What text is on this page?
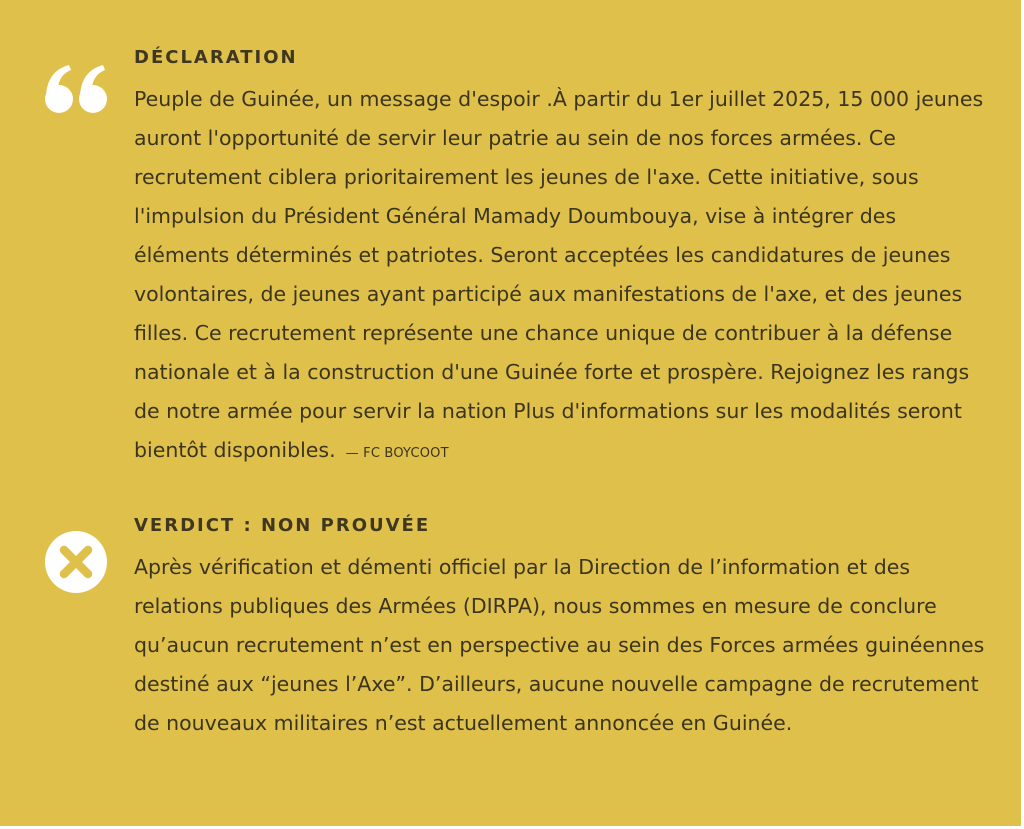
DÉCLARATION

Peuple de Guinée, un message d'espoir .À partir du 1er juillet 2025, 15 000 jeunes auront l'opportunité de servir leur patrie au sein de nos forces armées. Ce recrutement ciblera prioritairement les jeunes de l'axe. Cette initiative, sous l'impulsion du Président Général Mamady Doumbouya, vise à intégrer des éléments déterminés et patriotes. Seront acceptées les candidatures de jeunes volontaires, de jeunes ayant participé aux manifestations de l'axe, et des jeunes filles. Ce recrutement représente une chance unique de contribuer à la défense nationale et à la construction d'une Guinée forte et prospère. Rejoignez les rangs de notre armée pour servir la nation Plus d'informations sur les modalités seront bientôt disponibles. — FC BOYCOOT

VERDICT : NON PROUVÉE

Après vérification et démenti officiel par la Direction de l’information et des relations publiques des Armées (DIRPA), nous sommes en mesure de conclure qu’aucun recrutement n’est en perspective au sein des Forces armées guinéennes destiné aux “jeunes l’Axe”. D’ailleurs, aucune nouvelle campagne de recrutement de nouveaux militaires n’est actuellement annoncée en Guinée.
